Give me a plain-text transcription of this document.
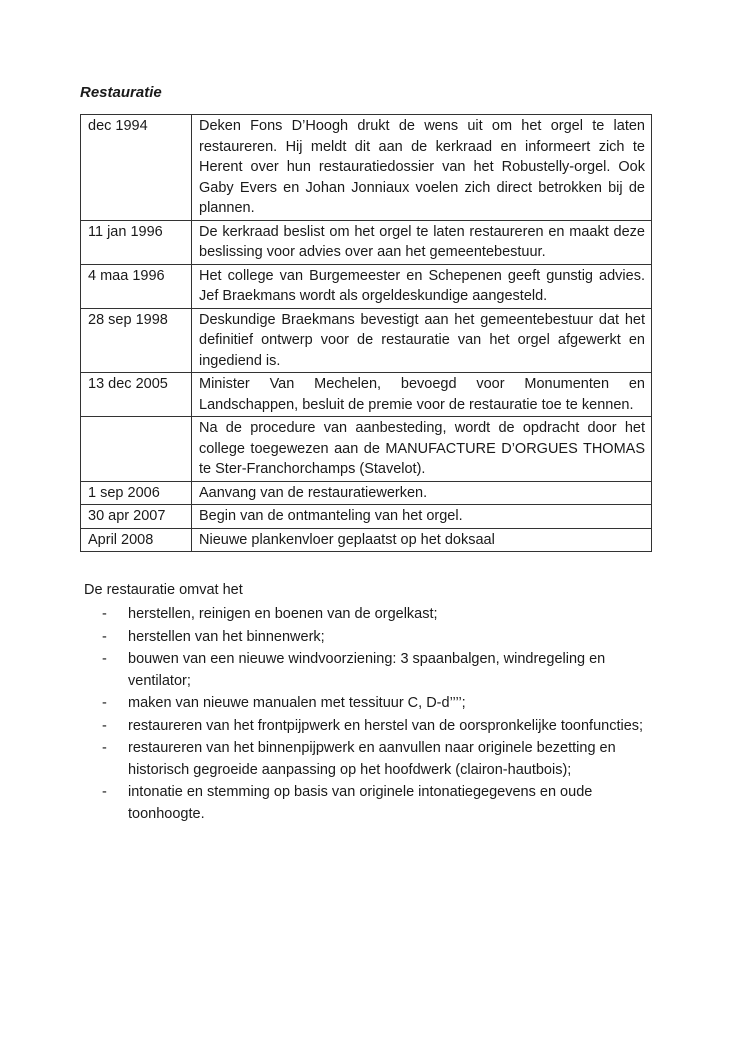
Restauratie
dec 1994	Deken Fons D’Hoogh drukt de wens uit om het orgel te laten restaureren. Hij meldt dit aan de kerkraad en informeert zich te Herent over hun restauratiedossier van het Robustelly-orgel. Ook Gaby Evers en Johan Jonniaux voelen zich direct betrokken bij de plannen.
11 jan 1996	De kerkraad beslist om het orgel te laten restaureren en maakt deze beslissing voor advies over aan het gemeentebestuur.
4 maa 1996	Het college van Burgemeester en Schepenen geeft gunstig advies. Jef Braekmans wordt als orgeldeskundige aangesteld.
28 sep 1998	Deskundige Braekmans bevestigt aan het gemeentebestuur dat het definitief ontwerp voor de restauratie van het orgel afgewerkt en ingediend is.
13 dec 2005	Minister Van Mechelen, bevoegd voor Monumenten en Landschappen, besluit de premie voor de restauratie toe te kennen.
	Na de procedure van aanbesteding, wordt de opdracht door het college toegewezen aan de MANUFACTURE D’ORGUES THOMAS te Ster-Franchorchamps (Stavelot).
1 sep 2006	Aanvang van de restauratiewerken.
30 apr 2007	Begin van de ontmanteling van het orgel.
April 2008	Nieuwe plankenvloer geplaatst op het doksaal
De restauratie omvat het
- herstellen, reinigen en boenen van de orgelkast;
- herstellen van het binnenwerk;
- bouwen van een nieuwe windvoorziening: 3 spaanbalgen, windregeling en ventilator;
- maken van nieuwe manualen met tessituur C, D-d’’’’;
- restaureren van het frontpijpwerk en herstel van de oorspronkelijke toonfuncties;
- restaureren van het binnenpijpwerk en aanvullen naar originele bezetting en historisch gegroeide aanpassing op het hoofdwerk (clairon-hautbois);
- intonatie en stemming op basis van originele intonatiegegevens en oude toonhoogte.
